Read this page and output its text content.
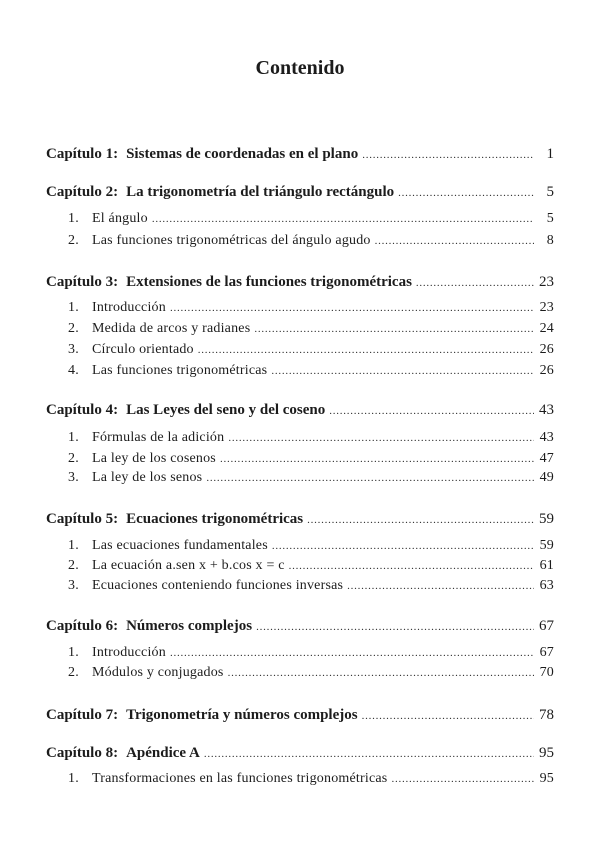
Contenido
Capítulo 1: Sistemas de coordenadas en el plano . . .	1
Capítulo 2: La trigonometría del triángulo rectángulo . . .	5
1. El ángulo . . .	5
2. Las funciones trigonométricas del ángulo agudo . . .	8
Capítulo 3: Extensiones de las funciones trigonométricas . . .	23
1. Introducción . . .	23
2. Medida de arcos y radianes . . .	24
3. Círculo orientado . . .	26
4. Las funciones trigonométricas . . .	26
Capítulo 4: Las Leyes del seno y del coseno . . .	43
1. Fórmulas de la adición . . .	43
2. La ley de los cosenos . . .	47
3. La ley de los senos . . .	49
Capítulo 5: Ecuaciones trigonométricas . . .	59
1. Las ecuaciones fundamentales . . .	59
2. La ecuación a.sen x + b.cos x = c . . .	61
3. Ecuaciones conteniendo funciones inversas . . .	63
Capítulo 6: Números complejos . . .	67
1. Introducción . . .	67
2. Módulos y conjugados . . .	70
Capítulo 7: Trigonometría y números complejos . . .	78
Capítulo 8: Apéndice A . . .	95
1. Transformaciones en las funciones trigonométricas . . .	95
